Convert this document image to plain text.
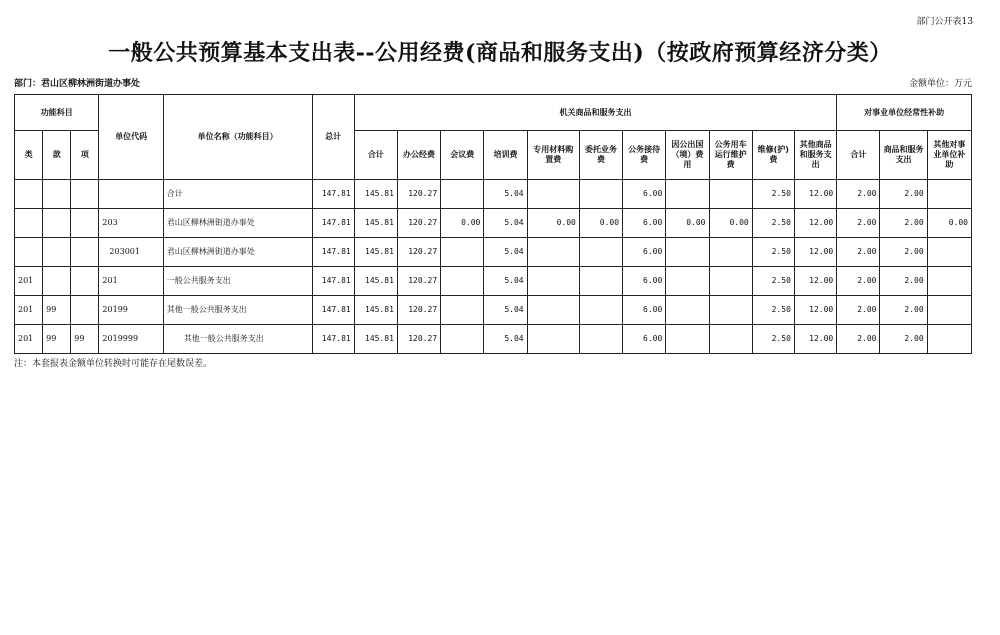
部门公开表13
一般公共预算基本支出表--公用经费(商品和服务支出)（按政府预算经济分类）
部门：君山区柳林洲街道办事处	金额单位：万元
功能科目			单位代码	单位名称（功能科目）	总计	机关商品和服务支出											对事业单位经常性补助		
类	款	项				合计	办公经费	会议费	培训费	专用材料购置费	委托业务费	公务接待费	因公出国（境）费用	公务用车运行维护费	维修(护)费	其他商品和服务支出	合计	商品和服务支出	其他对事业单位补助
				合计	147.81	145.81	120.27		5.04			6.00			2.50	12.00	2.00	2.00	
			203	君山区柳林洲街道办事处	147.81	145.81	120.27	0.00	5.04	0.00	0.00	6.00	0.00	0.00	2.50	12.00	2.00	2.00	0.00
			203001	君山区柳林洲街道办事处	147.81	145.81	120.27		5.04			6.00			2.50	12.00	2.00	2.00	
201			201	一般公共服务支出	147.81	145.81	120.27		5.04			6.00			2.50	12.00	2.00	2.00	
201	99		20199	其他一般公共服务支出	147.81	145.81	120.27		5.04			6.00			2.50	12.00	2.00	2.00	
201	99	99	2019999	其他一般公共服务支出	147.81	145.81	120.27		5.04			6.00			2.50	12.00	2.00	2.00	
注：本套报表金额单位转换时可能存在尾数误差。
